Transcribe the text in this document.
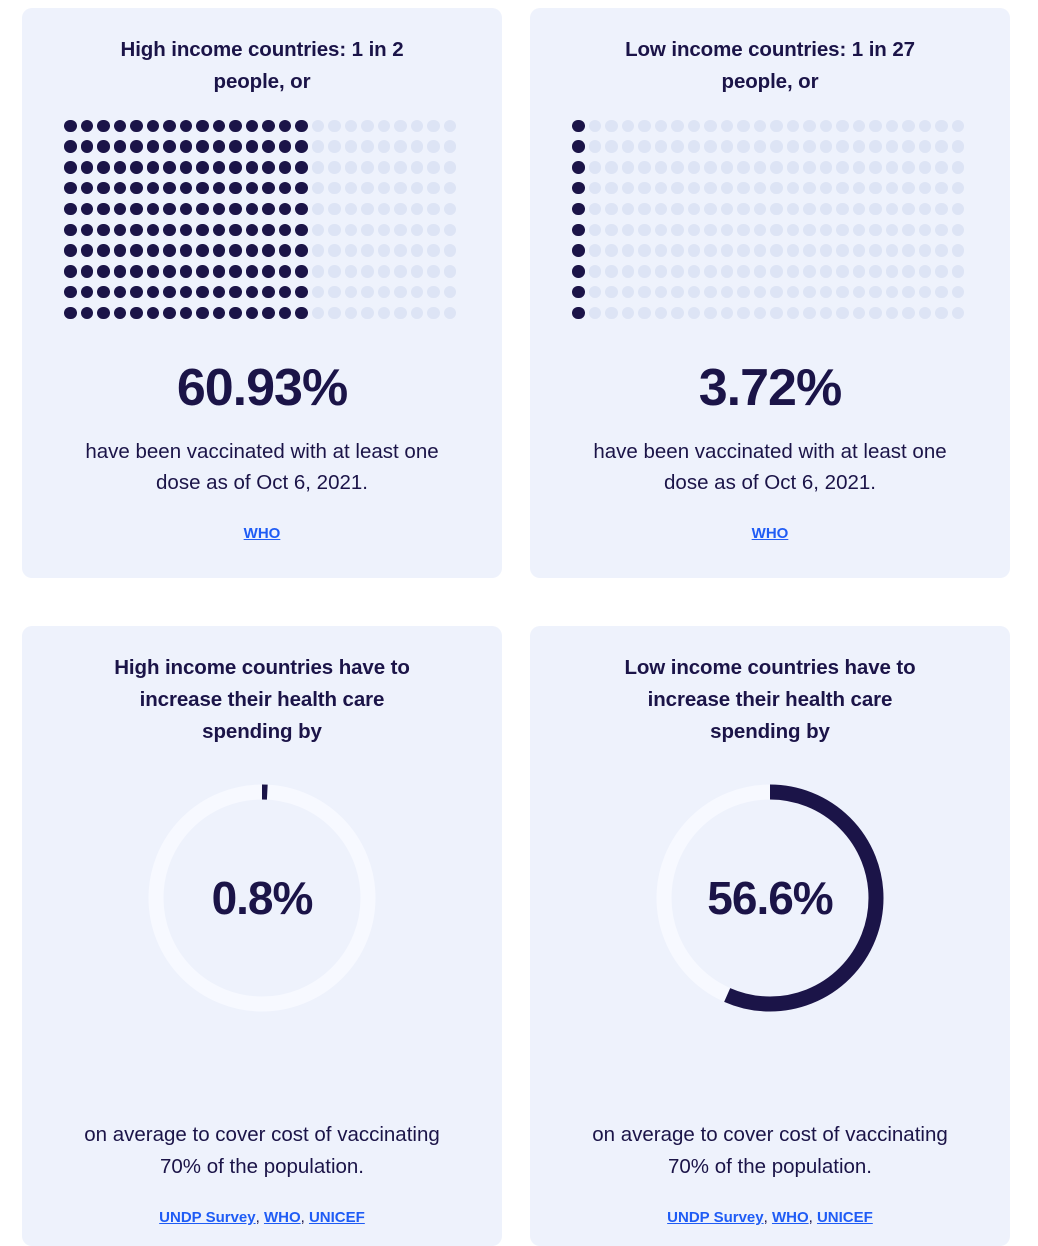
High income countries: 1 in 2 people, or
60.93%
have been vaccinated with at least one dose as of Oct 6, 2021.
WHO
Low income countries: 1 in 27 people, or
3.72%
have been vaccinated with at least one dose as of Oct 6, 2021.
WHO
High income countries have to increase their health care spending by
0.8%
on average to cover cost of vaccinating 70% of the population.
UNDP Survey, WHO, UNICEF
Low income countries have to increase their health care spending by
56.6%
on average to cover cost of vaccinating 70% of the population.
UNDP Survey, WHO, UNICEF
